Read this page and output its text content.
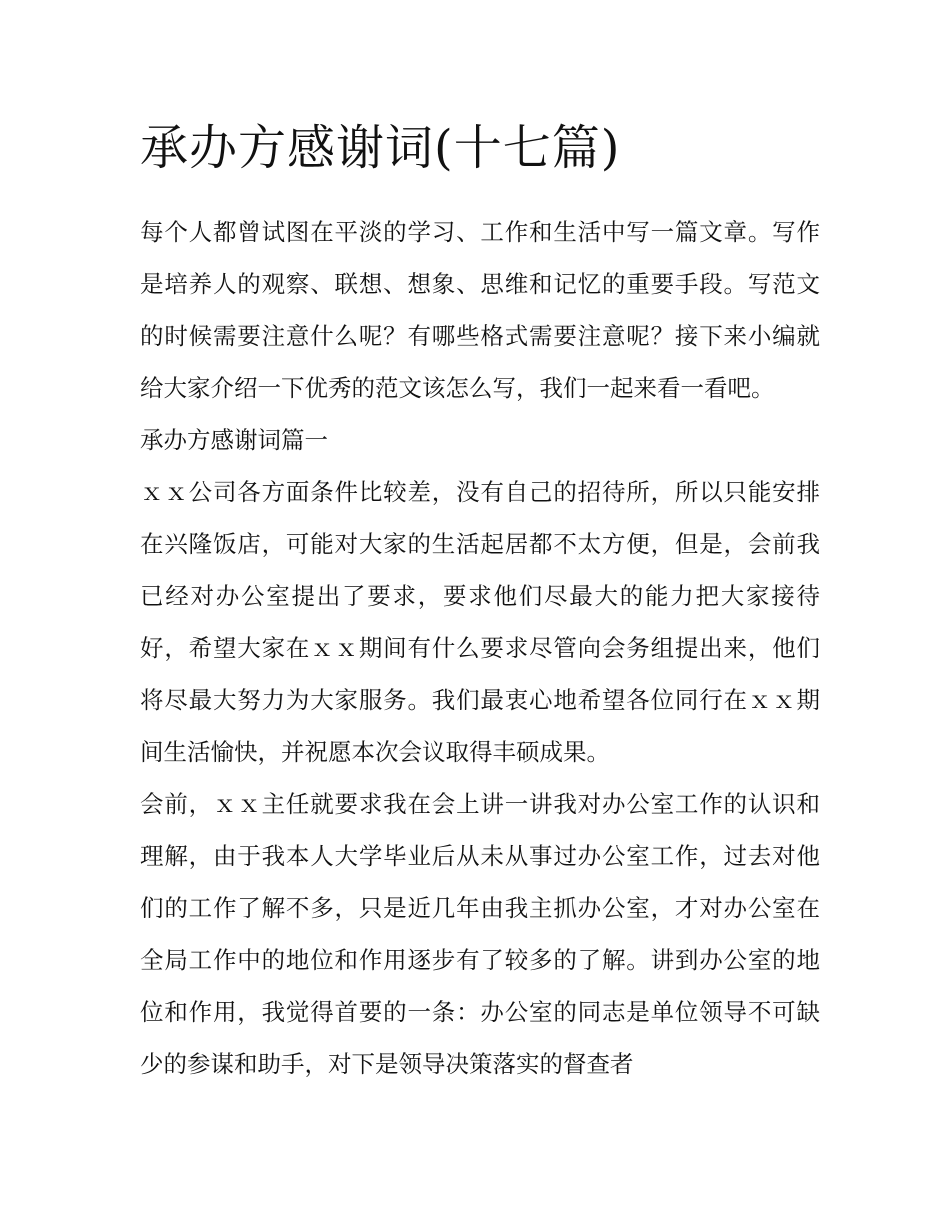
承办方感谢词(十七篇)

每个人都曾试图在平淡的学习、工作和生活中写一篇文章。写作是培养人的观察、联想、想象、思维和记忆的重要手段。写范文的时候需要注意什么呢？有哪些格式需要注意呢？接下来小编就给大家介绍一下优秀的范文该怎么写，我们一起来看一看吧。

承办方感谢词篇一

ｘｘ公司各方面条件比较差，没有自己的招待所，所以只能安排在兴隆饭店，可能对大家的生活起居都不太方便，但是，会前我已经对办公室提出了要求，要求他们尽最大的能力把大家接待好，希望大家在ｘｘ期间有什么要求尽管向会务组提出来，他们将尽最大努力为大家服务。我们最衷心地希望各位同行在ｘｘ期间生活愉快，并祝愿本次会议取得丰硕成果。

会前，ｘｘ主任就要求我在会上讲一讲我对办公室工作的认识和理解，由于我本人大学毕业后从未从事过办公室工作，过去对他们的工作了解不多，只是近几年由我主抓办公室，才对办公室在全局工作中的地位和作用逐步有了较多的了解。讲到办公室的地位和作用，我觉得首要的一条：办公室的同志是单位领导不可缺少的参谋和助手，对下是领导决策落实的督查者
